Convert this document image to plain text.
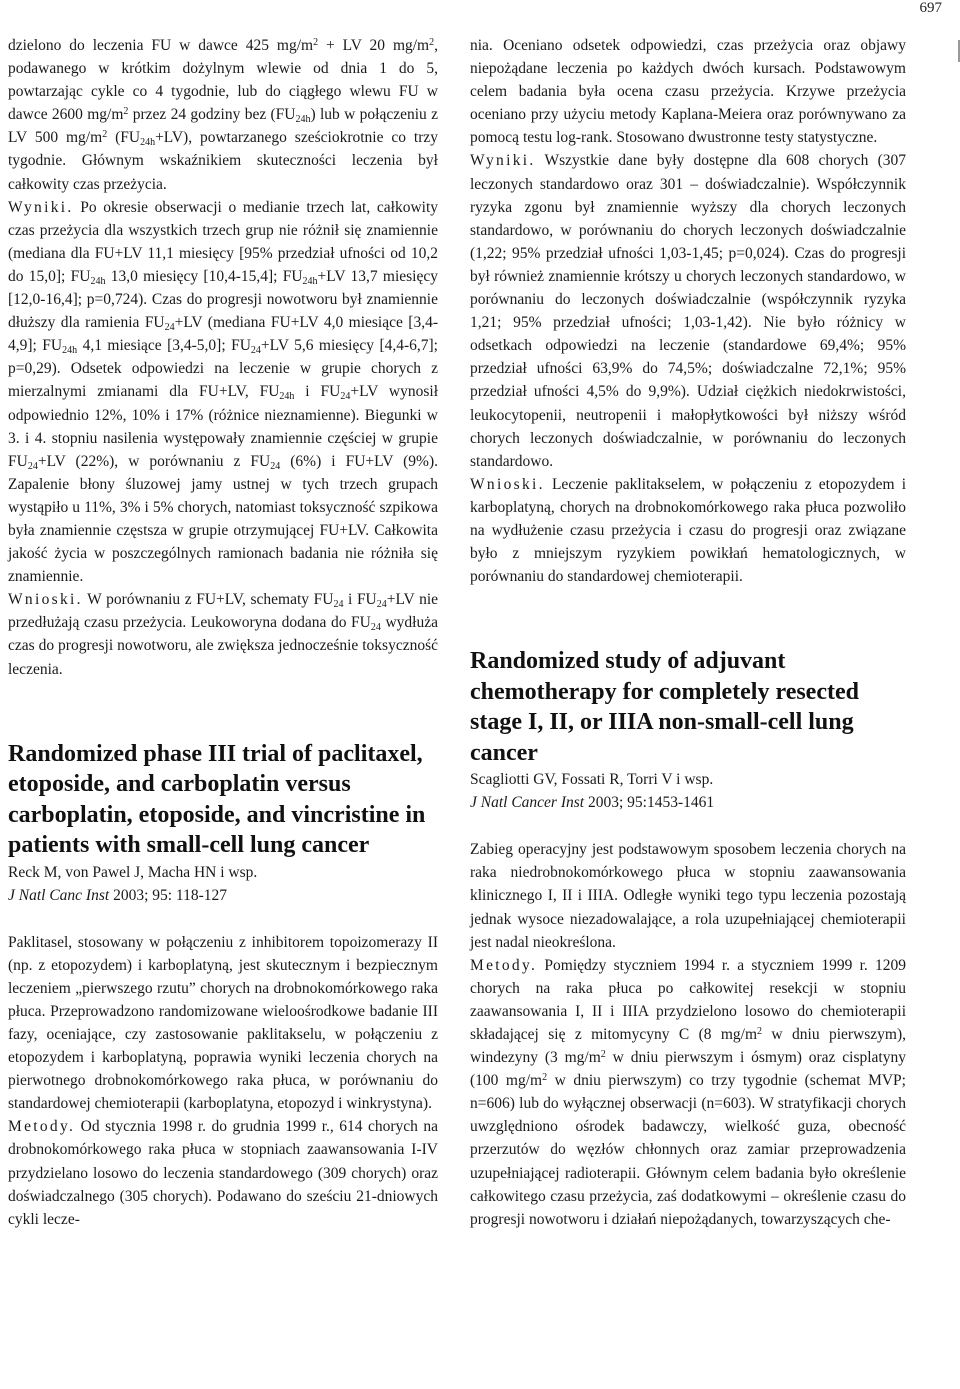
697

dzielono do leczenia FU w dawce 425 $mg/m^2$ + LV 20 $mg/m^2$, podawanego w krótkim dożylnym wlewie od dnia 1 do 5, powtarzając cykle co 4 tygodnie, lub do ciągłego wlewu FU w dawce 2600 $mg/m^2$ przez 24 godziny bez $(FU_{24h})$ lub w połączeniu z LV 500 $mg/m^2$ $(FU_{24h}+LV)$, powtarzanego sześciokrotnie co trzy tygodnie. Głównym wskaźnikiem skuteczności leczenia był całkowity czas przeżycia.

Wyniki. Po okresie obserwacji o medianie trzech lat, całkowity czas przeżycia dla wszystkich trzech grup nie różnił się znamiennie (mediana dla FU+LV 11,1 miesięcy [95% przedział ufności od 10,2 do 15,0]; $FU_{24h}$ 13,0 miesięcy [10,4-15,4]; $FU_{24h}+LV$ 13,7 miesięcy [12,0-16,4]; p=0,724). Czas do progresji nowotworu był znamiennie dłuższy dla ramienia $FU_{24}+LV$ (mediana FU+LV 4,0 miesiące [3,4-4,9]; $FU_{24h}$ 4,1 miesiące [3,4-5,0]; $FU_{24}+LV$ 5,6 miesięcy [4,4-6,7]; p=0,29). Odsetek odpowiedzi na leczenie w grupie chorych z mierzalnymi zmianami dla FU+LV, $FU_{24h}$ i $FU_{24}+LV$ wynosił odpowiednio 12%, 10% i 17% (różnice nieznamienne). Biegunki w 3. i 4. stopniu nasilenia występowały znamiennie częściej w grupie $FU_{24}+LV$ (22%), w porównaniu z $FU_{24}$ (6%) i FU+LV (9%). Zapalenie błony śluzowej jamy ustnej w tych trzech grupach wystąpiło u 11%, 3% i 5% chorych, natomiast toksyczność szpikowa była znamiennie częstsza w grupie otrzymującej FU+LV. Całkowita jakość życia w poszczególnych ramionach badania nie różniła się znamiennie.

Wnioski. W porównaniu z FU+LV, schematy $FU_{24}$ i $FU_{24}+LV$ nie przedłużają czasu przeżycia. Leukoworyna dodana do $FU_{24}$ wydłuża czas do progresji nowotworu, ale zwiększa jednocześnie toksyczność leczenia.

Randomized phase III trial of paclitaxel, etoposide, and carboplatin versus carboplatin, etoposide, and vincristine in patients with small-cell lung cancer
Reck M, von Pawel J, Macha HN i wsp.
J Natl Canc Inst 2003; 95: 118-127

Paklitasel, stosowany w połączeniu z inhibitorem topoizomerazy II (np. z etopozydem) i karboplatyną, jest skutecznym i bezpiecznym leczeniem „pierwszego rzutu” chorych na drobnokomórkowego raka płuca. Przeprowadzono randomizowane wieloośrodkowe badanie III fazy, oceniające, czy zastosowanie paklitakselu, w połączeniu z etopozydem i karboplatyną, poprawia wyniki leczenia chorych na pierwotnego drobnokomórkowego raka płuca, w porównaniu do standardowej chemioterapii (karboplatyna, etopozyd i winkrystyna).

Metody. Od stycznia 1998 r. do grudnia 1999 r., 614 chorych na drobnokomórkowego raka płuca w stopniach zaawansowania I-IV przydzielano losowo do leczenia standardowego (309 chorych) oraz doświadczalnego (305 chorych). Podawano do sześciu 21-dniowych cykli lecze-

nia. Oceniano odsetek odpowiedzi, czas przeżycia oraz objawy niepożądane leczenia po każdych dwóch kursach. Podstawowym celem badania była ocena czasu przeżycia. Krzywe przeżycia oceniano przy użyciu metody Kaplana-Meiera oraz porównywano za pomocą testu log-rank. Stosowano dwustronne testy statystyczne.

Wyniki. Wszystkie dane były dostępne dla 608 chorych (307 leczonych standardowo oraz 301 – doświadczalnie). Współczynnik ryzyka zgonu był znamiennie wyższy dla chorych leczonych standardowo, w porównaniu do chorych leczonych doświadczalnie (1,22; 95% przedział ufności 1,03-1,45; p=0,024). Czas do progresji był również znamiennie krótszy u chorych leczonych standardowo, w porównaniu do leczonych doświadczalnie (współczynnik ryzyka 1,21; 95% przedział ufności; 1,03-1,42). Nie było różnicy w odsetkach odpowiedzi na leczenie (standardowe 69,4%; 95% przedział ufności 63,9% do 74,5%; doświadczalne 72,1%; 95% przedział ufności 4,5% do 9,9%). Udział ciężkich niedokrwistości, leukocytopenii, neutropenii i małopłytkowości był niższy wśród chorych leczonych doświadczalnie, w porównaniu do leczonych standardowo.

Wnioski. Leczenie paklitakselem, w połączeniu z etopozydem i karboplatyną, chorych na drobnokomórkowego raka płuca pozwoliło na wydłużenie czasu przeżycia i czasu do progresji oraz związane było z mniejszym ryzykiem powikłań hematologicznych, w porównaniu do standardowej chemioterapii.

Randomized study of adjuvant chemotherapy for completely resected stage I, II, or IIIA non-small-cell lung cancer
Scagliotti GV, Fossati R, Torri V i wsp.
J Natl Cancer Inst 2003; 95:1453-1461

Zabieg operacyjny jest podstawowym sposobem leczenia chorych na raka niedrobnokomórkowego płuca w stopniu zaawansowania klinicznego I, II i IIIA. Odległe wyniki tego typu leczenia pozostają jednak wysoce niezadowalające, a rola uzupełniającej chemioterapii jest nadal nieokreślona.

Metody. Pomiędzy styczniem 1994 r. a styczniem 1999 r. 1209 chorych na raka płuca po całkowitej resekcji w stopniu zaawansowania I, II i IIIA przydzielono losowo do chemioterapii składającej się z mitomycyny C (8 $mg/m^2$ w dniu pierwszym), windezyny (3 $mg/m^2$ w dniu pierwszym i ósmym) oraz cisplatyny (100 $mg/m^2$ w dniu pierwszym) co trzy tygodnie (schemat MVP; n=606) lub do wyłącznej obserwacji (n=603). W stratyfikacji chorych uwzględniono ośrodek badawczy, wielkość guza, obecność przerzutów do węzłów chłonnych oraz zamiar przeprowadzenia uzupełniającej radioterapii. Głównym celem badania było określenie całkowitego czasu przeżycia, zaś dodatkowymi – określenie czasu do progresji nowotworu i działań niepożądanych, towarzyszących che-
